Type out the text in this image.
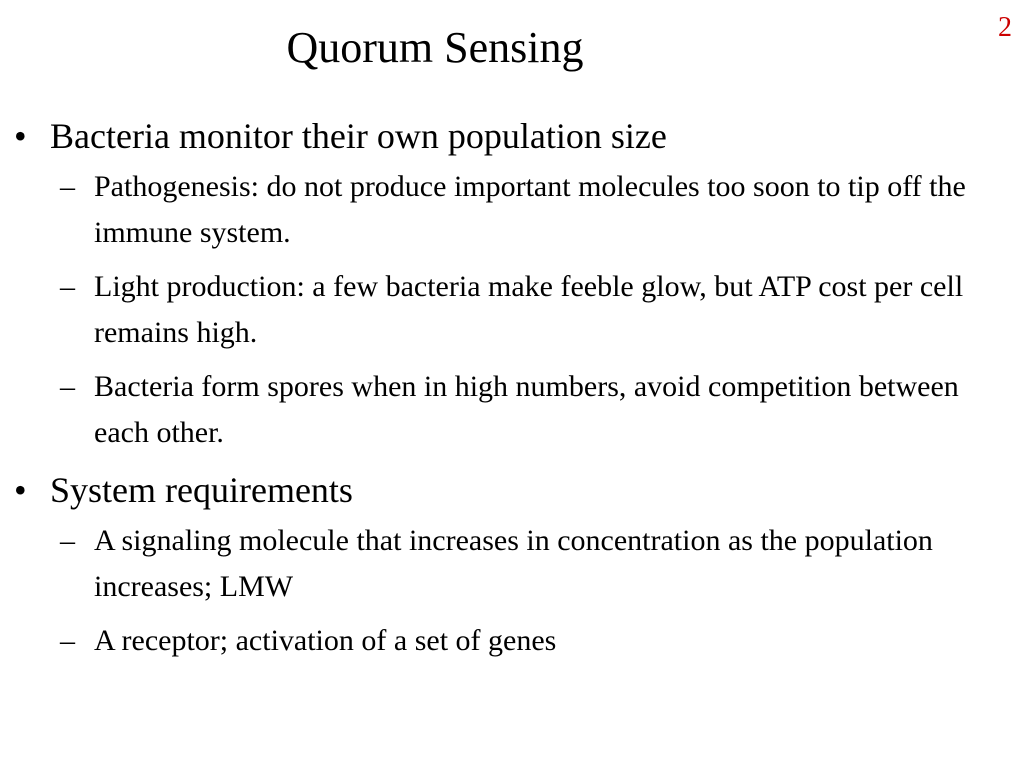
2
Quorum Sensing
• Bacteria monitor their own population size
– Pathogenesis: do not produce important molecules too soon to tip off the immune system.
– Light production: a few bacteria make feeble glow, but ATP cost per cell remains high.
– Bacteria form spores when in high numbers, avoid competition between each other.
• System requirements
– A signaling molecule that increases in concentration as the population increases; LMW
– A receptor; activation of a set of genes
